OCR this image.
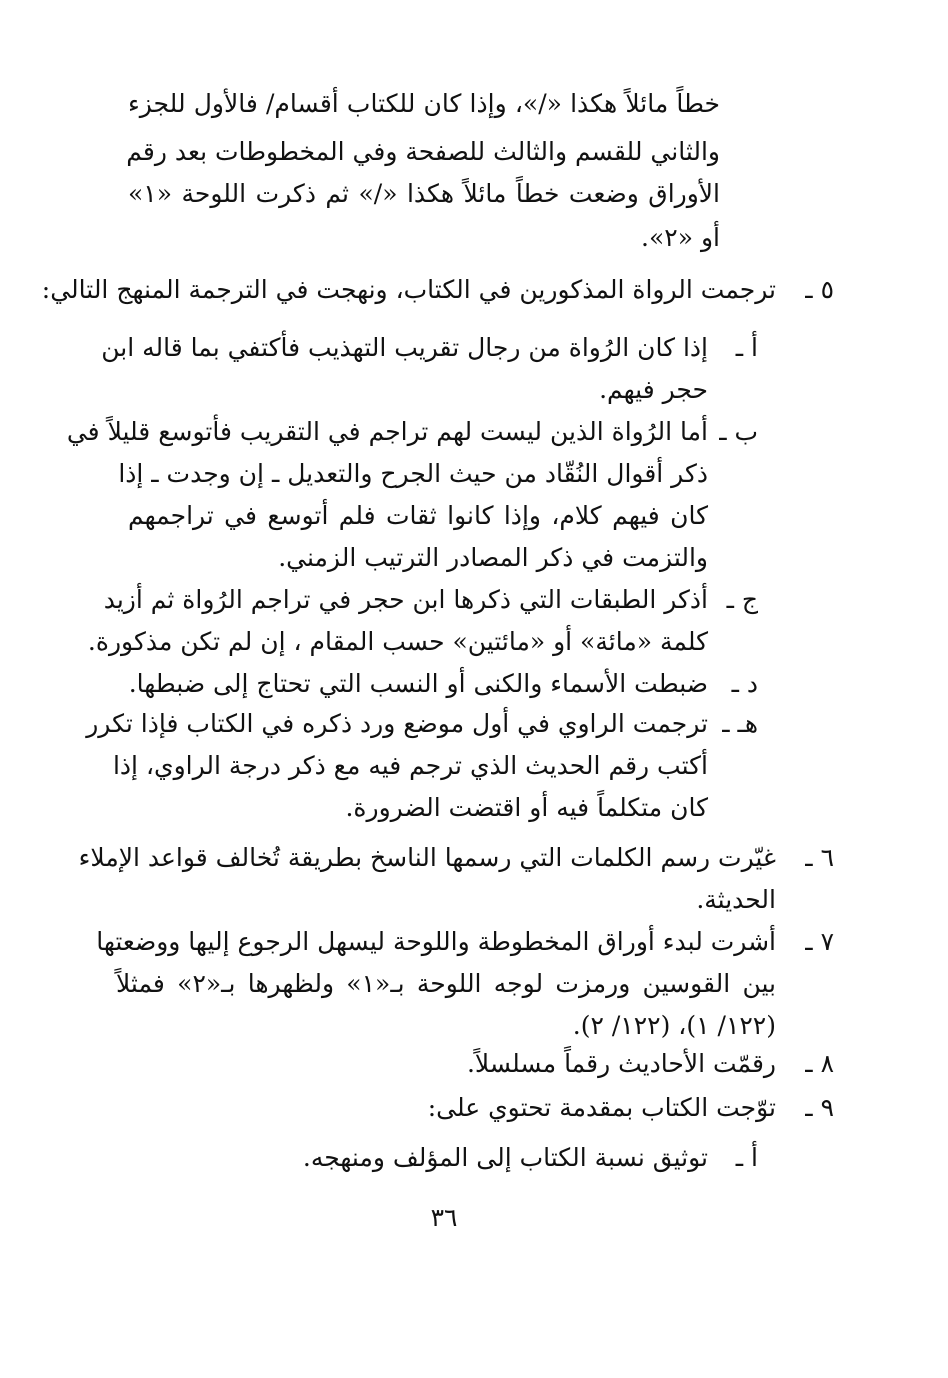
خطاً مائلاً هكذا «/»، وإذا كان للكتاب أقسام/ فالأول للجزء
والثاني للقسم والثالث للصفحة وفي المخطوطات بعد رقم
الأوراق وضعت خطاً مائلاً هكذا «/» ثم ذكرت اللوحة «١»
أو «٢».
٥ ـ
ترجمت الرواة المذكورين في الكتاب، ونهجت في الترجمة المنهج التالي:
أ ـ
إذا كان الرُواة من رجال تقريب التهذيب فأكتفي بما قاله ابن
حجر فيهم.
ب ـ
أما الرُواة الذين ليست لهم تراجم في التقريب فأتوسع قليلاً في
ذكر أقوال النُقّاد من حيث الجرح والتعديل ـ إن وجدت ـ إذا
كان فيهم كلام، وإذا كانوا ثقات فلم أتوسع في تراجمهم
والتزمت في ذكر المصادر الترتيب الزمني.
ج ـ
أذكر الطبقات التي ذكرها ابن حجر في تراجم الرُواة ثم أزيد
كلمة «مائة» أو «مائتين» حسب المقام ، إن لم تكن مذكورة.
د ـ
ضبطت الأسماء والكنى أو النسب التي تحتاج إلى ضبطها.
هـ ـ
ترجمت الراوي في أول موضع ورد ذكره في الكتاب فإذا تكرر
أكتب رقم الحديث الذي ترجم فيه مع ذكر درجة الراوي، إذا
كان متكلماً فيه أو اقتضت الضرورة.
٦ ـ
غيّرت رسم الكلمات التي رسمها الناسخ بطريقة تُخالف قواعد الإملاء
الحديثة.
٧ ـ
أشرت لبدء أوراق المخطوطة واللوحة ليسهل الرجوع إليها ووضعتها
بين القوسين ورمزت لوجه اللوحة بـ«١» ولظهرها بـ«٢» فمثلاً
(١٢٢/ ١)، (١٢٢/ ٢).
٨ ـ
رقمّت الأحاديث رقماً مسلسلاً.
٩ ـ
توّجت الكتاب بمقدمة تحتوي على:
أ ـ
توثيق نسبة الكتاب إلى المؤلف ومنهجه.
٣٦
